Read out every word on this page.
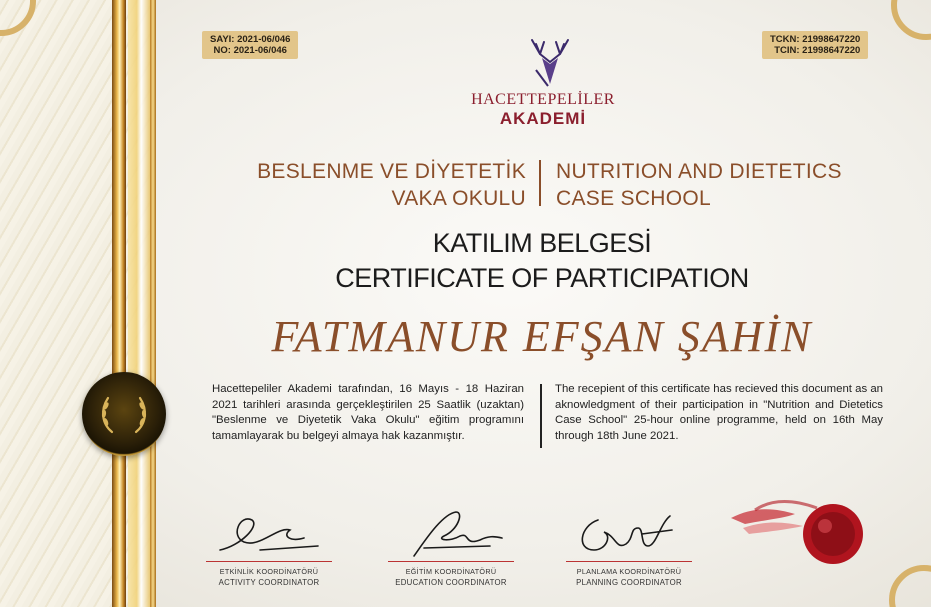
SAYI: 2021-06/046
NO: 2021-06/046
TCKN: 21998647220
TCIN: 21998647220
HACETTEPELİLER
AKADEMİ
BESLENME VE DİYETETİK
VAKA OKULU
NUTRITION AND DIETETICS
CASE SCHOOL
KATILIM BELGESİ
CERTIFICATE OF PARTICIPATION
FATMANUR EFŞAN ŞAHİN
Hacettepeliler Akademi tarafından, 16 Mayıs - 18 Haziran 2021 tarihleri arasında gerçekleştirilen 25 Saatlik (uzaktan) "Beslenme ve Diyetetik Vaka Okulu" eğitim programını tamamlayarak bu belgeyi almaya hak kazanmıştır.
The recepient of this certificate has recieved this document as an aknowledgment of their participation in "Nutrition and Dietetics Case School" 25-hour online programme, held on 16th May through 18th June 2021.
ETKİNLİK KOORDİNATÖRÜ
ACTIVITY COORDINATOR
EĞİTİM KOORDİNATÖRÜ
EDUCATION COORDINATOR
PLANLAMA KOORDİNATÖRÜ
PLANNING COORDINATOR
